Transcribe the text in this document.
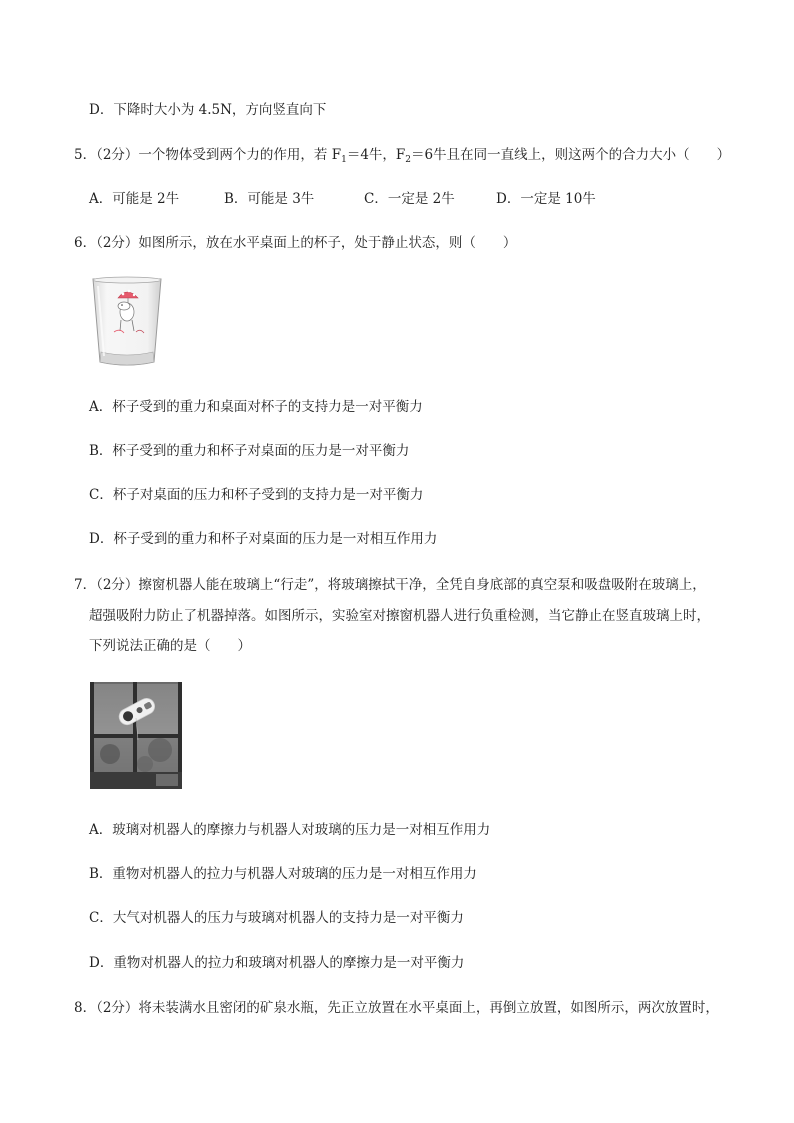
D．下降时大小为 4.5N，方向竖直向下
5．（2分）一个物体受到两个力的作用，若 $F_1=4$牛，$F_2=6$牛且在同一直线上，则这两个的合力大小（　　）
A．可能是 2牛	B．可能是 3牛	C．一定是 2牛	D．一定是 10牛
6．（2分）如图所示，放在水平桌面上的杯子，处于静止状态，则（　　）
A．杯子受到的重力和桌面对杯子的支持力是一对平衡力
B．杯子受到的重力和杯子对桌面的压力是一对平衡力
C．杯子对桌面的压力和杯子受到的支持力是一对平衡力
D．杯子受到的重力和杯子对桌面的压力是一对相互作用力
7．（2分）擦窗机器人能在玻璃上“行走”，将玻璃擦拭干净，全凭自身底部的真空泵和吸盘吸附在玻璃上，
超强吸附力防止了机器掉落。如图所示，实验室对擦窗机器人进行负重检测，当它静止在竖直玻璃上时，
下列说法正确的是（　　）
A．玻璃对机器人的摩擦力与机器人对玻璃的压力是一对相互作用力
B．重物对机器人的拉力与机器人对玻璃的压力是一对相互作用力
C．大气对机器人的压力与玻璃对机器人的支持力是一对平衡力
D．重物对机器人的拉力和玻璃对机器人的摩擦力是一对平衡力
8．（2分）将未装满水且密闭的矿泉水瓶，先正立放置在水平桌面上，再倒立放置，如图所示，两次放置时，
